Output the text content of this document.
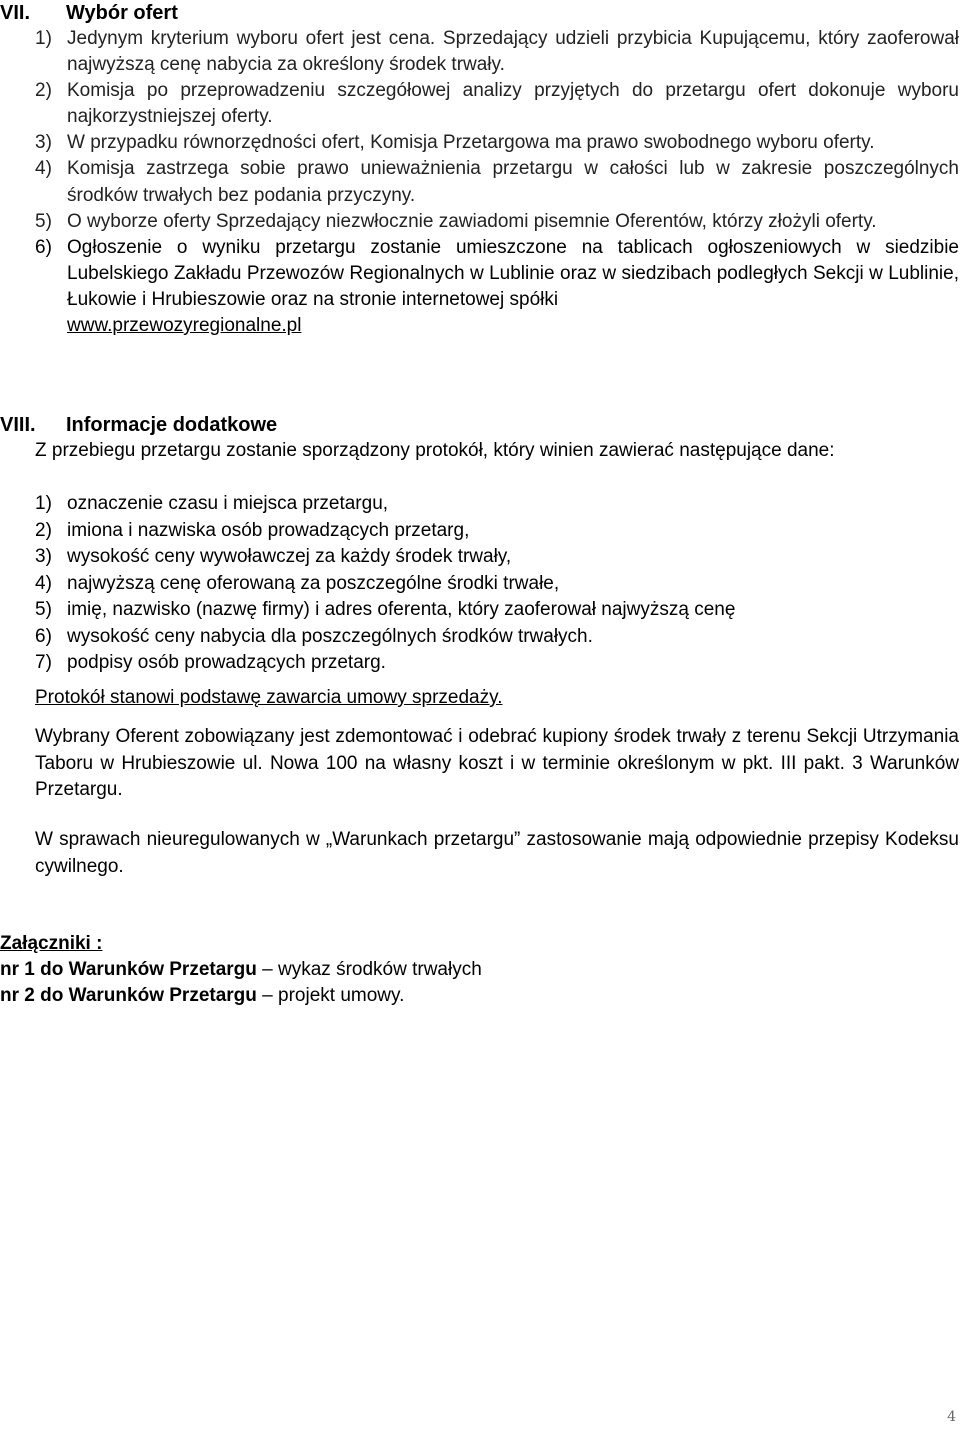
VII. Wybór ofert
1) Jedynym kryterium wyboru ofert jest cena. Sprzedający udzieli przybicia Kupującemu, który zaoferował najwyższą cenę nabycia za określony środek trwały.
2) Komisja po przeprowadzeniu szczegółowej analizy przyjętych do przetargu ofert dokonuje wyboru najkorzystniejszej oferty.
3) W przypadku równorzędności ofert, Komisja Przetargowa ma prawo swobodnego wyboru oferty.
4) Komisja zastrzega sobie prawo unieważnienia przetargu w całości lub w zakresie poszczególnych środków trwałych bez podania przyczyny.
5) O wyborze oferty Sprzedający niezwłocznie zawiadomi pisemnie Oferentów, którzy złożyli oferty.
6) Ogłoszenie o wyniku przetargu zostanie umieszczone na tablicach ogłoszeniowych w siedzibie Lubelskiego Zakładu Przewozów Regionalnych w Lublinie oraz w siedzibach podległych Sekcji w Lublinie, Łukowie i Hrubieszowie oraz na stronie internetowej spółki
www.przewozyregionalne.pl
VIII. Informacje dodatkowe

Z przebiegu przetargu zostanie sporządzony protokół, który winien zawierać następujące dane:

1) oznaczenie czasu i miejsca przetargu,
2) imiona i nazwiska osób prowadzących przetarg,
3) wysokość ceny wywoławczej za każdy środek trwały,
4) najwyższą cenę oferowaną za poszczególne środki trwałe,
5) imię, nazwisko (nazwę firmy) i adres oferenta, który zaoferował najwyższą cenę
6) wysokość ceny nabycia dla poszczególnych środków trwałych.
7) podpisy osób prowadzących przetarg.

Protokół stanowi podstawę zawarcia umowy sprzedaży.

Wybrany Oferent zobowiązany jest zdemontować i odebrać kupiony środek trwały z terenu Sekcji Utrzymania Taboru w Hrubieszowie ul. Nowa 100 na własny koszt i w terminie określonym w pkt. III pakt. 3 Warunków Przetargu.

W sprawach nieuregulowanych w „Warunkach przetargu” zastosowanie mają odpowiednie przepisy Kodeksu cywilnego.

Załączniki :
nr 1 do Warunków Przetargu – wykaz środków trwałych
nr 2 do Warunków Przetargu – projekt umowy.
4
